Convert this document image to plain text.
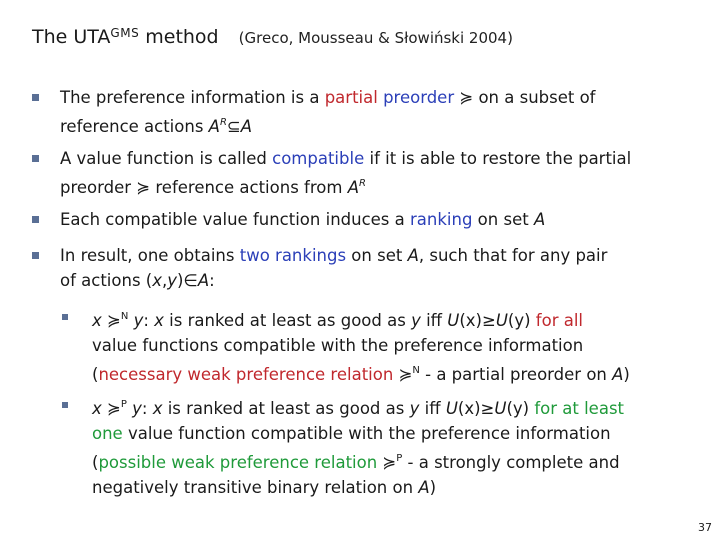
The $UTA^{GMS}$ method (Greco, Mousseau & Słowiński 2004)
The preference information is a partial preorder ≽ on a subset of
reference actions $A^R⊆A$
A value function is called compatible if it is able to restore the partial
preorder ≽ reference actions from $A^R$
Each compatible value function induces a ranking on set A
In result, one obtains two rankings on set A, such that for any pair
of actions (x,y)∈A:
x ≽$^N$ y: x is ranked at least as good as y iff U(x)≥U(y) for all
value functions compatible with the preference information
(necessary weak preference relation ≽$^N$ - a partial preorder on A)
x ≽$^P$ y: x is ranked at least as good as y iff U(x)≥U(y) for at least
one value function compatible with the preference information
(possible weak preference relation ≽$^P$ - a strongly complete and
negatively transitive binary relation on A)
37
